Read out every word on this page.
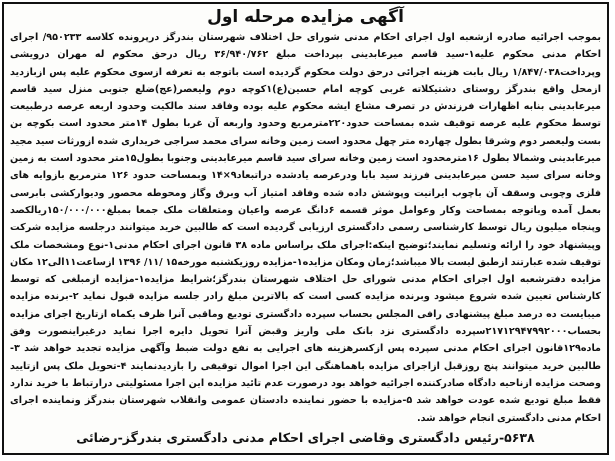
آگهی مزایده مرحله اول

بموجب اجرائیه صادره ازشعبه اول اجرای احکام مدنی شورای حل اختلاف شهرستان بندرگز درپرونده کلاسه ۹۵۰۲۳۳/ اجرای احکام مدنی محکوم علیه۱-سید قاسم میرعابدینی بپرداخت مبلغ ۳۶/۹۴۰/۷۶۲ ریال درحق محکوم له مهران درویشی وپرداخت۱/۸۴۷/۰۳۸ ریال بابت هزینه اجرائی درحق دولت محکوم گردیده است باتوجه به تعرفه ازسوی محکوم علیه پس ازبازدید ازمحل واقع بندرگز روستای دشتیکلاته غربی کوچه امام حسین(ع)۱کوچه دوم ولیعصر(عج)ضلع جنوبی منزل سید قاسم میرعابدینی بنابه اظهارات فرزندش در تصرف مشاع ایشه محکوم علیه بوده وفاقد سند مالکیت وحدود اربعه عرصه درطبیعت توسط محکوم علیه عرصه توقیف شده بمساحت حدود۲۲۰مترمربع وحدود واربعه آن غربا بطول ۱۴متر محدود است بکوچه بن بست ولیعصر دوم وشرقا بطول چهارده متر چهل محدود است زمین وخانه سرای محمد سراجی خریداری شده ازورثات سید مجید میرعابدینی وشمالا بطول ۱۶مترمحدود است زمین وخانه سرای سید قاسم میرعابدینی وجنوبا بطول۱۵متر محدود است به زمین وخانه سرای سید حسن میرعابدینی فرزند سید بابا ودرعرصه یادشده دراتبعاد۹×۱۴ وبمساحت حدود ۱۲۶ مترمربع بازوایه های فلزی وچوبی وسقف آن باچوب ایرانیت وپوشش داده شده وفاقد امتیاز آب وبرق وگاز ومحوطه محصور ودیوارکشی بابرسی بعمل آمده وباتوجه بمساحت وکار وعوامل موثر قسمه ۶دانگ عرصه واعیان ومتعلقات ملک جمعا بمبلغ۱۵۰/۰۰۰/۰۰۰ریالکصد وپنجاه میلیون ریال توسط کارشناسی رسمی دادگستری ارزیابی گردیده است که طالبین خرید میتوانند درجلسه مزایده شرکت وپیشنهاد خود را ارائه وتسلیم نمایند؛توضیح اینکه:اجرای ملک براساس ماده ۳۸ قانون اجرای احکام مدنی۱-نوع ومشخصات ملک توقیف شده عبارتند ازطبق لیست بالا میباشد؛زمان ومکان مزایده۱-مزایده روزیکشنبه مورخه۱۵ /۱۱/ ۱۳۹۶ ازساعت۱۱الی۱۲ مکان مزایده دفترشعبه اول اجرای احکام مدنی شورای حل اختلاف شهرستان بندرگز؛شرایط مزایده۱-مزایده ازمبلغی که توسط کارشناس تعیین شده شروع میشود وبرنده مزایده کسی است که بالاترین مبلغ رادر جلسه مزایده قبول نماید ۲-برنده مزایده میبایست ده درصد مبلغ پیشنهادی رافی المجلس بحساب سپرده دادگستری تودیع وماقبی آنرا ظرف یکماه ازتاریخ اجرای مزایده بحساب۲۱۷۱۲۹۴۷۹۹۲۰۰۰سپرده دادگستری نزد بانک ملی واریز وقبض آنرا تحویل دایره اجرا نماید درغیراینصورت وفق ماده۱۲۹قانون اجرای احکام مدنی سپرده پس ازکسرهزینه های اجرایی به نفع دولت ضبط وآگهی مزایده تجدید خواهد شد ۳-طالبین خرید میتوانند پنج روزقبل ازاجرای مزایده باهماهنگی این اجرا اموال توقیفی را بازدیدنمایند ۴-تحویل ملک پس ازتایید وصحت مزایده ازناحیه دادگاه صادرکننده اجرائیه خواهد بود درصورت عدم تائید مزایده این اجرا مسئولیتی درارتباط با خرید ندارد فقط مبلغ تودیع شده عودت خواهد شد ۵-مزایده با حضور نماینده دادستان عمومی وانقلاب شهرستان بندرگز ونماینده اجرای احکام مدنی دادگستری انجام خواهد شد.

۵۶۳۸-رئیس دادگستری وقاضی اجرای احکام مدنی دادگستری بندرگز-رضائی
